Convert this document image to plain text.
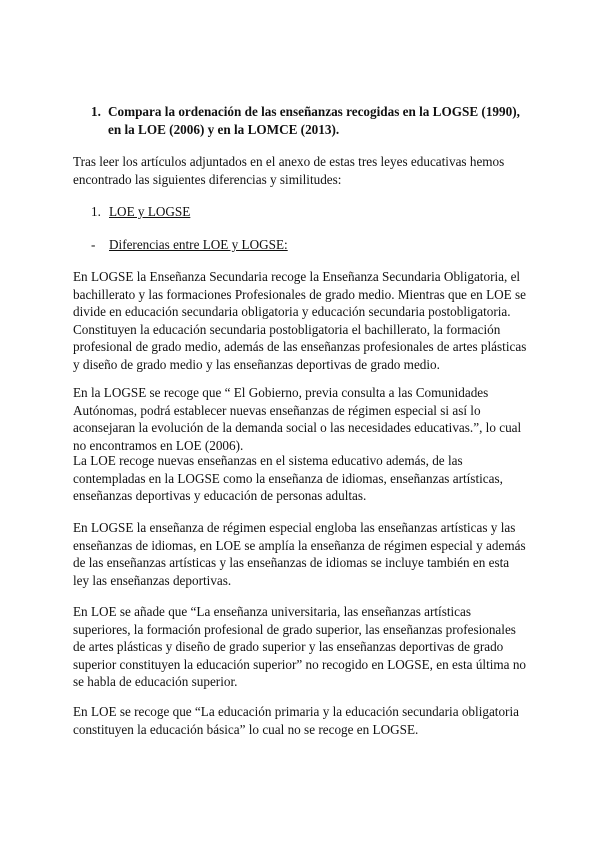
1. Compara la ordenación de las enseñanzas recogidas en la LOGSE (1990), en la LOE (2006) y en la LOMCE (2013).
Tras leer los artículos adjuntados en el anexo de estas tres leyes educativas hemos encontrado las siguientes diferencias y similitudes:
1. LOE y LOGSE
- Diferencias entre LOE y LOGSE:
En LOGSE la Enseñanza Secundaria recoge la Enseñanza Secundaria Obligatoria, el bachillerato y las formaciones Profesionales de grado medio. Mientras que en LOE se divide en educación secundaria obligatoria y educación secundaria postobligatoria. Constituyen la educación secundaria postobligatoria el bachillerato, la formación profesional de grado medio, además de las enseñanzas profesionales de artes plásticas y diseño de grado medio y las enseñanzas deportivas de grado medio.
En la LOGSE se recoge que “ El Gobierno, previa consulta a las Comunidades Autónomas, podrá establecer nuevas enseñanzas de régimen especial si así lo aconsejaran la evolución de la demanda social o las necesidades educativas.”, lo cual no encontramos en LOE (2006).
La LOE recoge nuevas enseñanzas en el sistema educativo además, de las contempladas en la LOGSE como la enseñanza de idiomas, enseñanzas artísticas, enseñanzas deportivas y educación de personas adultas.
En LOGSE la enseñanza de régimen especial engloba las enseñanzas artísticas y las enseñanzas de idiomas, en LOE se amplía la enseñanza de régimen especial y además de las enseñanzas artísticas y las enseñanzas de idiomas se incluye también en esta ley las enseñanzas deportivas.
En LOE se añade que “La enseñanza universitaria, las enseñanzas artísticas superiores, la formación profesional de grado superior, las enseñanzas profesionales de artes plásticas y diseño de grado superior y las enseñanzas deportivas de grado superior constituyen la educación superior” no recogido en LOGSE, en esta última no se habla de educación superior.
En LOE se recoge que “La educación primaria y la educación secundaria obligatoria constituyen la educación básica” lo cual no se recoge en LOGSE.
